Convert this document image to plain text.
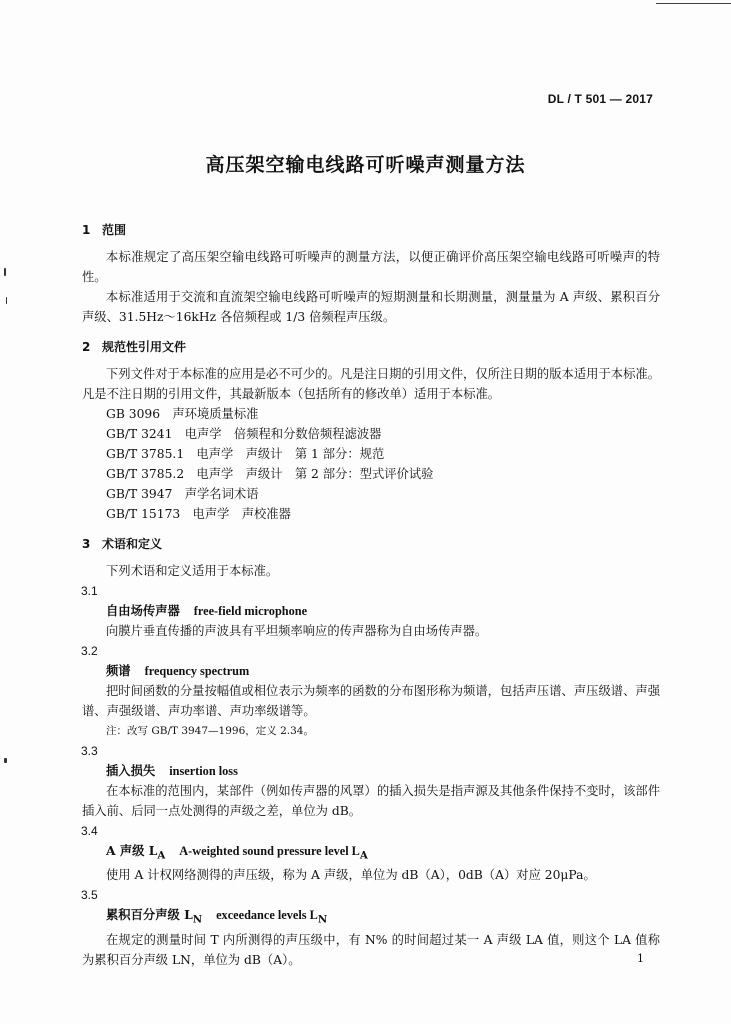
DL / T 501 — 2017
高压架空输电线路可听噪声测量方法

1 范围

本标准规定了高压架空输电线路可听噪声的测量方法，以便正确评价高压架空输电线路可听噪声的特性。

本标准适用于交流和直流架空输电线路可听噪声的短期测量和长期测量，测量量为 A 声级、累积百分声级、31.5Hz～16kHz 各倍频程或 1/3 倍频程声压级。

2 规范性引用文件

下列文件对于本标准的应用是必不可少的。凡是注日期的引用文件，仅所注日期的版本适用于本标准。凡是不注日期的引用文件，其最新版本（包括所有的修改单）适用于本标准。

GB 3096　声环境质量标准

GB/T 3241　电声学　倍频程和分数倍频程滤波器

GB/T 3785.1　电声学　声级计　第 1 部分：规范

GB/T 3785.2　电声学　声级计　第 2 部分：型式评价试验

GB/T 3947　声学名词术语

GB/T 15173　电声学　声校准器

3 术语和定义

下列术语和定义适用于本标准。

3.1

自由场传声器 free-field microphone

向膜片垂直传播的声波具有平坦频率响应的传声器称为自由场传声器。

3.2

频谱 frequency spectrum

把时间函数的分量按幅值或相位表示为频率的函数的分布图形称为频谱，包括声压谱、声压级谱、声强谱、声强级谱、声功率谱、声功率级谱等。

注：改写 GB/T 3947—1996，定义 2.34。

3.3

插入损失 insertion loss

在本标准的范围内，某部件（例如传声器的风罩）的插入损失是指声源及其他条件保持不变时，该部件插入前、后同一点处测得的声级之差，单位为 dB。

3.4

A 声级 $L_A$ A-weighted sound pressure level $L_A$

使用 A 计权网络测得的声压级，称为 A 声级，单位为 dB（A），0dB（A）对应 20μPa。

3.5

累积百分声级 $L_N$ exceedance levels $L_N$

在规定的测量时间 T 内所测得的声压级中，有 N% 的时间超过某一 A 声级 LA 值，则这个 LA 值称为累积百分声级 LN，单位为 dB（A）。	1
